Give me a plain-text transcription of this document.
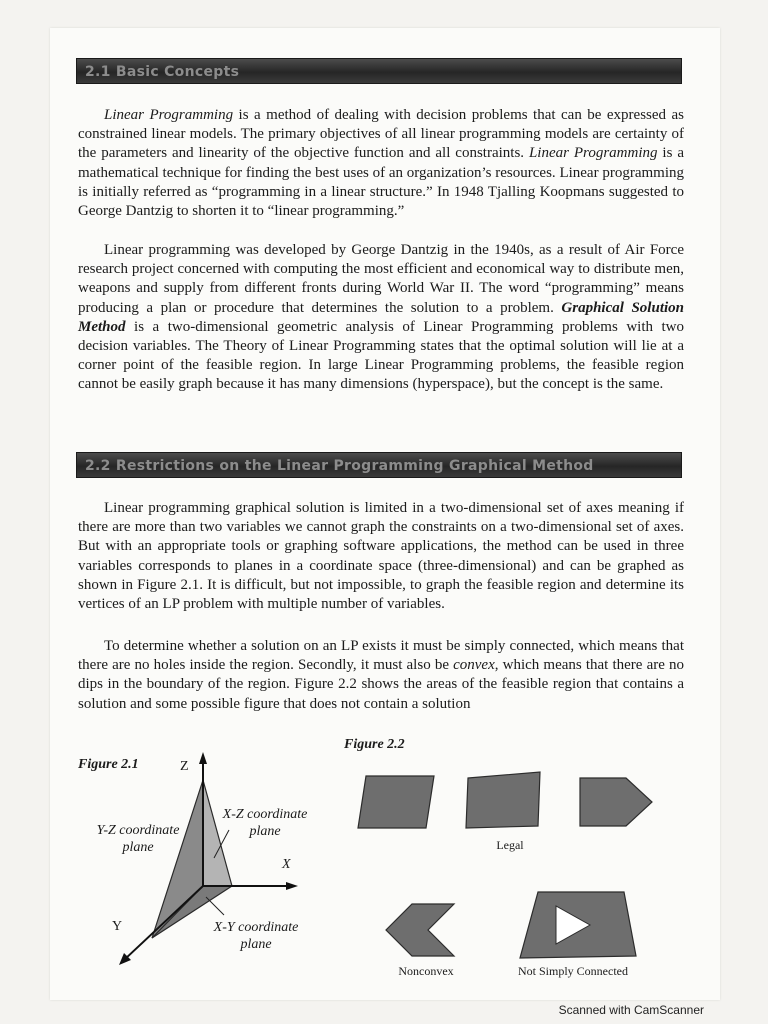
2.1 Basic Concepts

Linear Programming is a method of dealing with decision problems that can be expressed as constrained linear models. The primary objectives of all linear programming models are certainty of the parameters and linearity of the objective function and all constraints. Linear Programming is a mathematical technique for finding the best uses of an organization’s resources. Linear programming is initially referred as “programming in a linear structure.” In 1948 Tjalling Koopmans suggested to George Dantzig to shorten it to “linear programming.”

Linear programming was developed by George Dantzig in the 1940s, as a result of Air Force research project concerned with computing the most efficient and economical way to distribute men, weapons and supply from different fronts during World War II. The word “programming” means producing a plan or procedure that determines the solution to a problem. Graphical Solution Method is a two-dimensional geometric analysis of Linear Programming problems with two decision variables. The Theory of Linear Programming states that the optimal solution will lie at a corner point of the feasible region. In large Linear Programming problems, the feasible region cannot be easily graph because it has many dimensions (hyperspace), but the concept is the same.

2.2 Restrictions on the Linear Programming Graphical Method

Linear programming graphical solution is limited in a two-dimensional set of axes meaning if there are more than two variables we cannot graph the constraints on a two-dimensional set of axes. But with an appropriate tools or graphing software applications, the method can be used in three variables corresponds to planes in a coordinate space (three-dimensional) and can be graphed as shown in Figure 2.1. It is difficult, but not impossible, to graph the feasible region and determine its vertices of an LP problem with multiple number of variables.

To determine whether a solution on an LP exists it must be simply connected, which means that there are no holes inside the region. Secondly, it must also be convex, which means that there are no dips in the boundary of the region. Figure 2.2 shows the areas of the feasible region that contains a solution and some possible figure that does not contain a solution

Figure 2.1	Z
X
Y
Y-Z coordinate plane
X-Z coordinate plane
X-Y coordinate plane
Figure 2.2
Legal
Nonconvex	Not Simply Connected
Scanned with CamScanner
